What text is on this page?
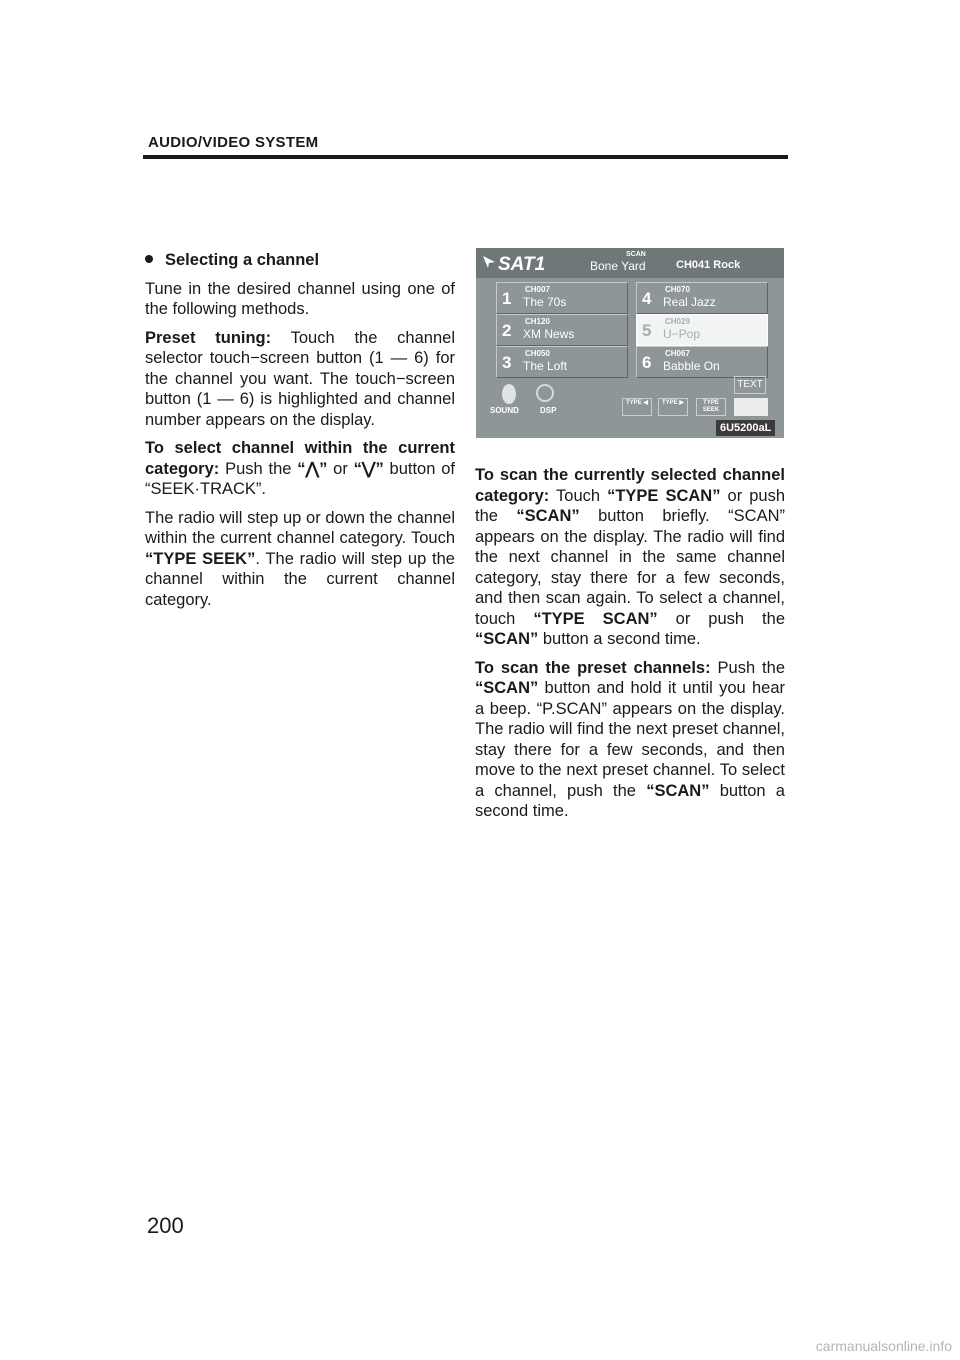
AUDIO/VIDEO SYSTEM

Selecting a channel

Tune in the desired channel using one of the following methods.

Preset tuning: Touch the channel selector touch−screen button (1 — 6) for the channel you want. The touch−screen button (1 — 6) is highlighted and channel number appears on the display.

To select channel within the current category: Push the “⋀” or “⋁” button of “SEEK·TRACK”.

The radio will step up or down the channel within the current channel category. Touch “TYPE SEEK”. The radio will step up the channel within the current channel category.

SAT1	SCAN
Bone Yard	CH041 Rock
1 CH007
The 70s
2 CH120
XM News
3 CH050
The Loft
4 CH070
Real Jazz
5 CH029
U−Pop
6 CH067
Babble On
TEXT
SOUND	DSP
TYPE ◀	TYPE ▶	TYPE SEEK
6U5200aL

To scan the currently selected channel category: Touch “TYPE SCAN” or push the “SCAN” button briefly. “SCAN” appears on the display. The radio will find the next channel in the same channel category, stay there for a few seconds, and then scan again. To select a channel, touch “TYPE SCAN” or push the “SCAN” button a second time.

To scan the preset channels: Push the “SCAN” button and hold it until you hear a beep. “P.SCAN” appears on the display. The radio will find the next preset channel, stay there for a few seconds, and then move to the next preset channel. To select a channel, push the “SCAN” button a second time.

200
carmanualsonline.info
